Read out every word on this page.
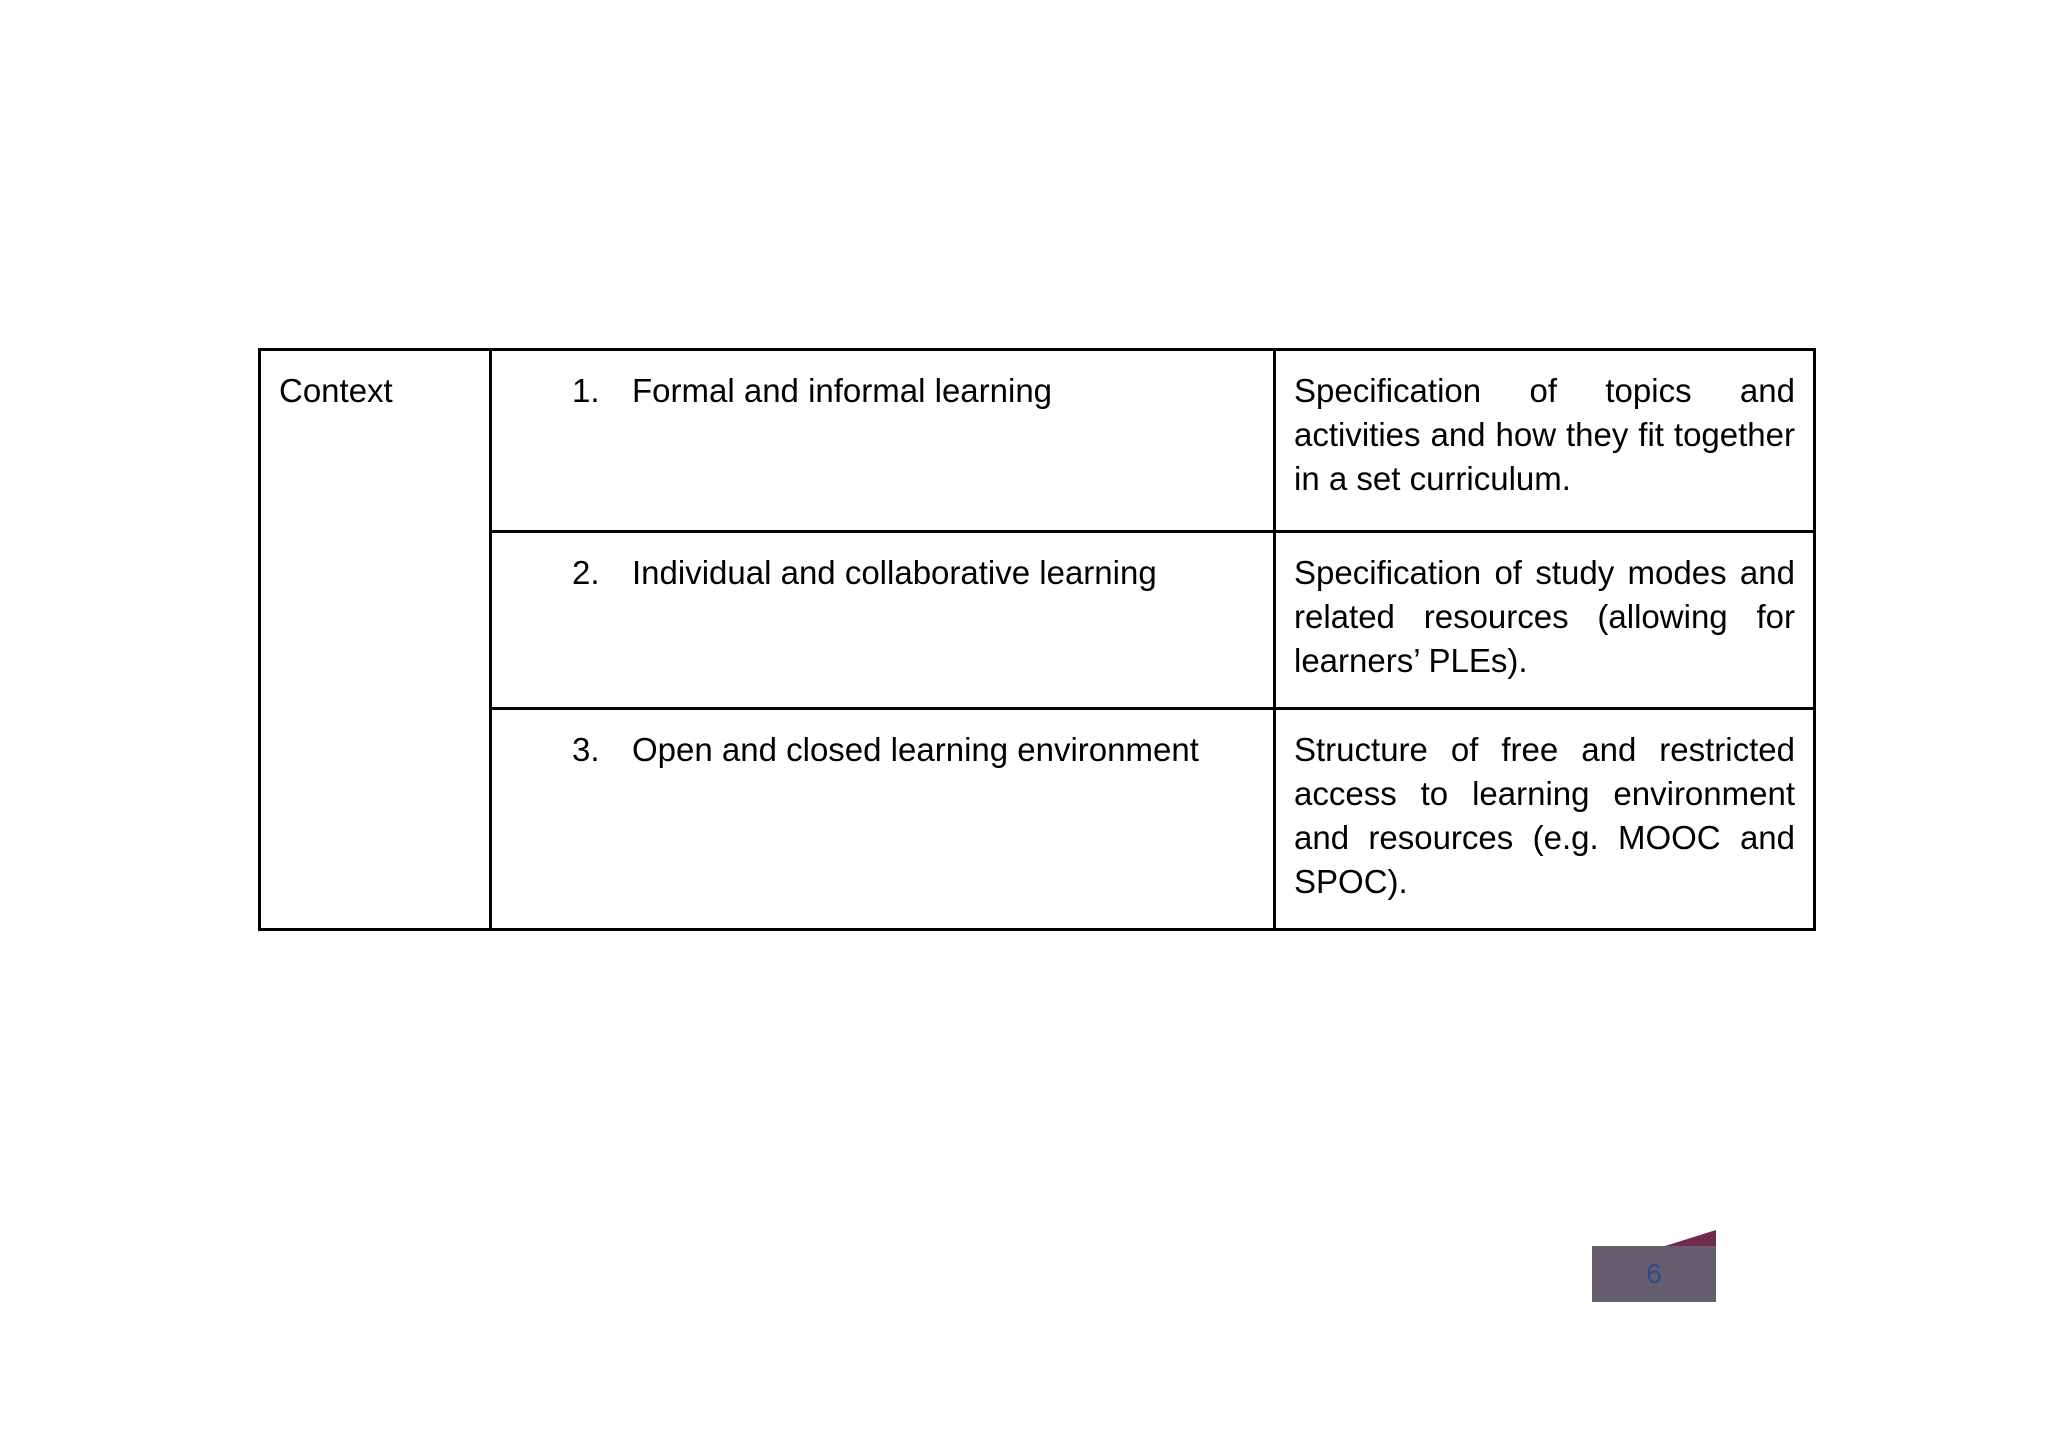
Context	1. Formal and informal learning	Specification of topics and activities and how they fit together in a set curriculum.

	2. Individual and collaborative learning	Specification of study modes and related resources (allowing for learners’ PLEs).

	3. Open and closed learning environment	Structure of free and restricted access to learning environment and resources (e.g. MOOC and SPOC).
6
